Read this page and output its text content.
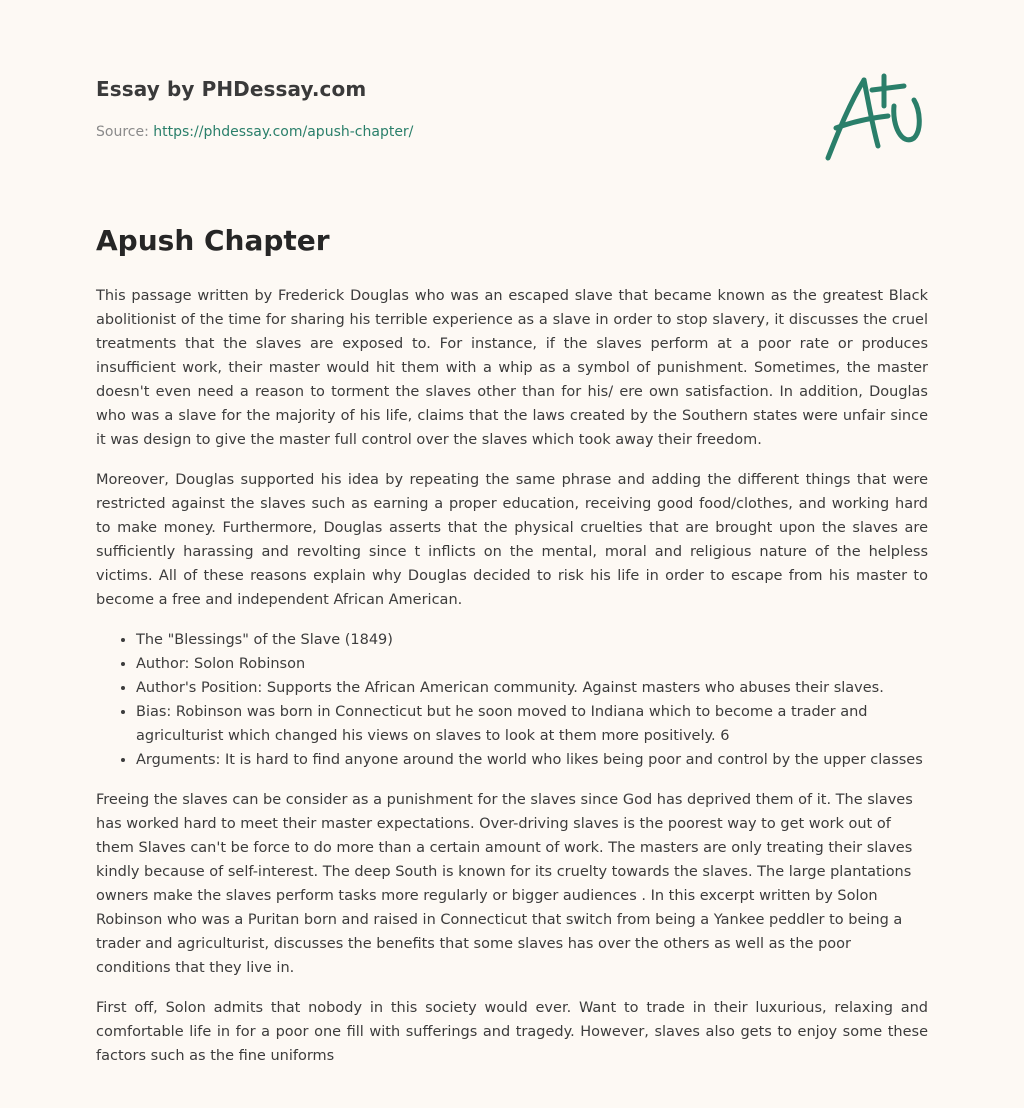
Essay by PHDessay.com
Source: https://phdessay.com/apush-chapter/
Apush Chapter

This passage written by Frederick Douglas who was an escaped slave that became known as the greatest Black abolitionist of the time for sharing his terrible experience as a slave in order to stop slavery, it discusses the cruel treatments that the slaves are exposed to. For instance, if the slaves perform at a poor rate or produces insufficient work, their master would hit them with a whip as a symbol of punishment. Sometimes, the master doesn't even need a reason to torment the slaves other than for his/ ere own satisfaction. In addition, Douglas who was a slave for the majority of his life, claims that the laws created by the Southern states were unfair since it was design to give the master full control over the slaves which took away their freedom.

Moreover, Douglas supported his idea by repeating the same phrase and adding the different things that were restricted against the slaves such as earning a proper education, receiving good food/clothes, and working hard to make money. Furthermore, Douglas asserts that the physical cruelties that are brought upon the slaves are sufficiently harassing and revolting since t inflicts on the mental, moral and religious nature of the helpless victims. All of these reasons explain why Douglas decided to risk his life in order to escape from his master to become a free and independent African American.

• The "Blessings" of the Slave (1849)
• Author: Solon Robinson
• Author's Position: Supports the African American community. Against masters who abuses their slaves.
• Bias: Robinson was born in Connecticut but he soon moved to Indiana which to become a trader and agriculturist which changed his views on slaves to look at them more positively. 6
• Arguments: It is hard to find anyone around the world who likes being poor and control by the upper classes

Freeing the slaves can be consider as a punishment for the slaves since God has deprived them of it. The slaves has worked hard to meet their master expectations. Over-driving slaves is the poorest way to get work out of them Slaves can't be force to do more than a certain amount of work. The masters are only treating their slaves kindly because of self-interest. The deep South is known for its cruelty towards the slaves. The large plantations owners make the slaves perform tasks more regularly or bigger audiences . In this excerpt written by Solon Robinson who was a Puritan born and raised in Connecticut that switch from being a Yankee peddler to being a trader and agriculturist, discusses the benefits that some slaves has over the others as well as the poor conditions that they live in.

First off, Solon admits that nobody in this society would ever. Want to trade in their luxurious, relaxing and comfortable life in for a poor one fill with sufferings and tragedy. However, slaves also gets to enjoy some these factors such as the fine uniforms
